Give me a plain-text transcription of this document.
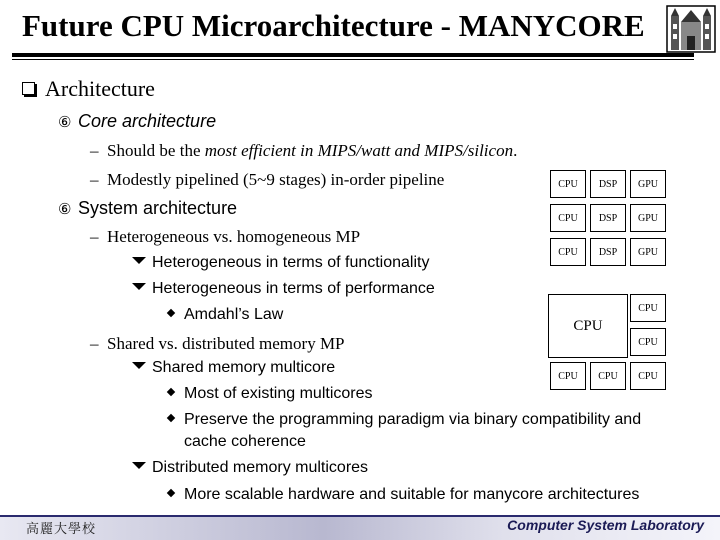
Future CPU Microarchitecture - MANYCORE
Architecture
⑥ Core architecture
–  Should be the most efficient in MIPS/watt and MIPS/silicon.
–  Modestly pipelined (5~9 stages) in-order pipeline
⑥ System architecture
–  Heterogeneous vs. homogeneous MP
Heterogeneous in terms of functionality
Heterogeneous in terms of performance
Amdahl’s Law
–  Shared vs. distributed memory MP
Shared memory multicore
Most of existing multicores
Preserve the programming paradigm via binary compatibility and
cache coherence
Distributed memory multicores
More scalable hardware and suitable for manycore architectures
CPU DSP GPU
CPU DSP GPU
CPU DSP GPU
CPU
CPU
CPU
CPU CPU CPU
高麗大學校	Computer System Laboratory
